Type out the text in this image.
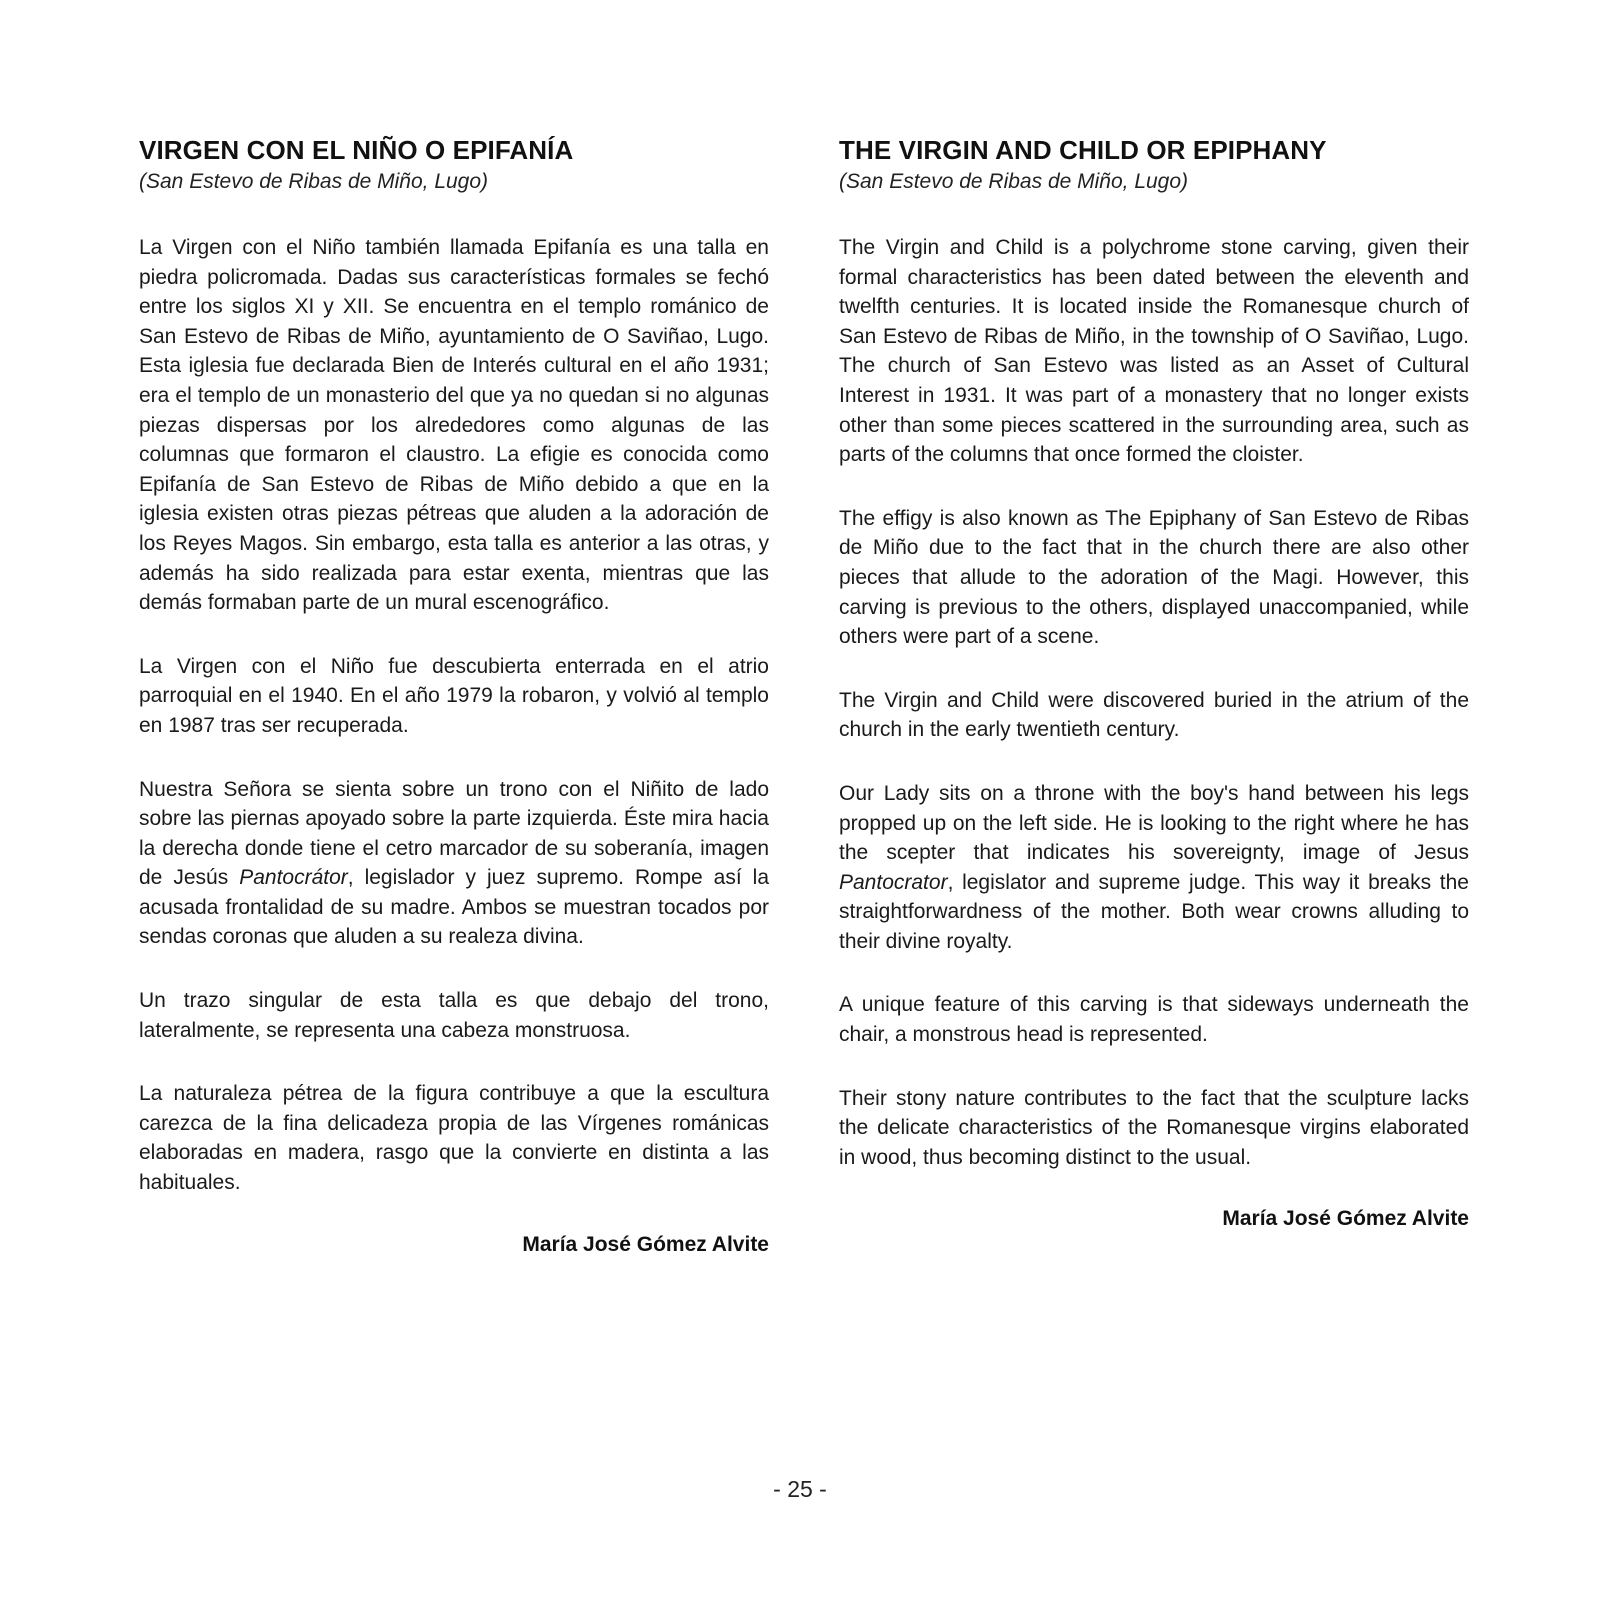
VIRGEN CON EL NIÑO O EPIFANÍA

(San Estevo de Ribas de Miño, Lugo)

La Virgen con el Niño también llamada Epifanía es una talla en piedra policromada. Dadas sus características formales se fechó entre los siglos XI y XII. Se encuentra en el templo románico de San Estevo de Ribas de Miño, ayuntamiento de O Saviñao, Lugo. Esta iglesia fue declarada Bien de Interés cultural en el año 1931; era el templo de un monasterio del que ya no quedan si no algunas piezas dispersas por los alrededores como algunas de las columnas que formaron el claustro. La efigie es conocida como Epifanía de San Estevo de Ribas de Miño debido a que en la iglesia existen otras piezas pétreas que aluden a la adoración de los Reyes Magos. Sin embargo, esta talla es anterior a las otras, y además ha sido realizada para estar exenta, mientras que las demás formaban parte de un mural escenográfico.

La Virgen con el Niño fue descubierta enterrada en el atrio parroquial en el 1940. En el año 1979 la robaron, y volvió al templo en 1987 tras ser recuperada.

Nuestra Señora se sienta sobre un trono con el Niñito de lado sobre las piernas apoyado sobre la parte izquierda. Éste mira hacia la derecha donde tiene el cetro marcador de su soberanía, imagen de Jesús Pantocrátor, legislador y juez supremo. Rompe así la acusada frontalidad de su madre. Ambos se muestran tocados por sendas coronas que aluden a su realeza divina.

Un trazo singular de esta talla es que debajo del trono, lateralmente, se representa una cabeza monstruosa.

La naturaleza pétrea de la figura contribuye a que la escultura carezca de la fina delicadeza propia de las Vírgenes románicas elaboradas en madera, rasgo que la convierte en distinta a las habituales.

María José Gómez Alvite

THE VIRGIN AND CHILD OR EPIPHANY

(San Estevo de Ribas de Miño, Lugo)

The Virgin and Child is a polychrome stone carving, given their formal characteristics has been dated between the eleventh and twelfth centuries. It is located inside the Romanesque church of San Estevo de Ribas de Miño, in the township of O Saviñao, Lugo. The church of San Estevo was listed as an Asset of Cultural Interest in 1931. It was part of a monastery that no longer exists other than some pieces scattered in the surrounding area, such as parts of the columns that once formed the cloister.

The effigy is also known as The Epiphany of San Estevo de Ribas de Miño due to the fact that in the church there are also other pieces that allude to the adoration of the Magi. However, this carving is previous to the others, displayed unaccompanied, while others were part of a scene.

The Virgin and Child were discovered buried in the atrium of the church in the early twentieth century.

Our Lady sits on a throne with the boy's hand between his legs propped up on the left side. He is looking to the right where he has the scepter that indicates his sovereignty, image of Jesus Pantocrator, legislator and supreme judge. This way it breaks the straightforwardness of the mother. Both wear crowns alluding to their divine royalty.

A unique feature of this carving is that sideways underneath the chair, a monstrous head is represented.

Their stony nature contributes to the fact that the sculpture lacks the delicate characteristics of the Romanesque virgins elaborated in wood, thus becoming distinct to the usual.

María José Gómez Alvite

- 25 -
